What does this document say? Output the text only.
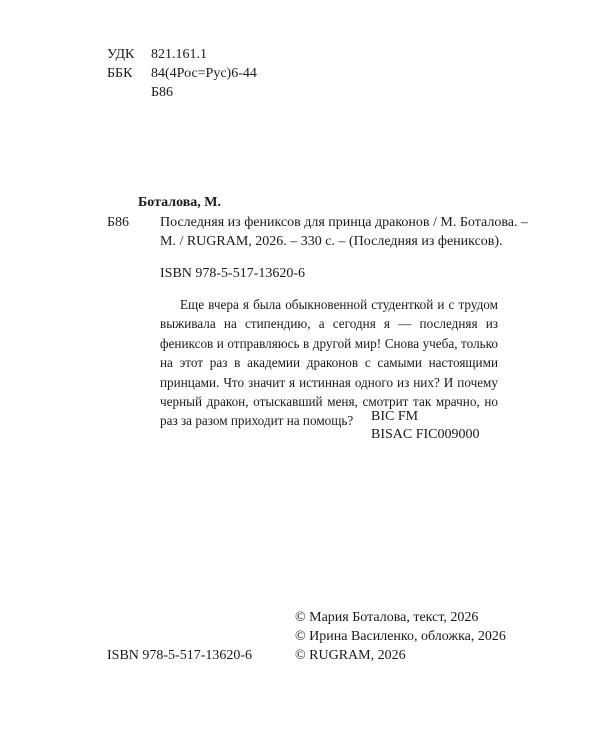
УДК 821.161.1
ББК 84(4Рос=Рус)6-44
Б86
Боталова, М.
Б86 Последняя из фениксов для принца драконов / М. Боталова. –
М. / RUGRAM, 2026. – 330 с. – (Последняя из фениксов).
ISBN 978-5-517-13620-6
Еще вчера я была обыкновенной студенткой и с трудом выживала на стипендию, а сегодня я — последняя из фениксов и отправляюсь в другой мир! Снова учеба, только на этот раз в академии драконов с самыми настоящими принцами. Что значит я истинная одного из них? И почему черный дракон, отыскавший меня, смотрит так мрачно, но раз за разом приходит на помощь?	BIC FM
BISAC FIC009000
© Мария Боталова, текст, 2026
© Ирина Василенко, обложка, 2026
© RUGRAM, 2026
ISBN 978-5-517-13620-6
